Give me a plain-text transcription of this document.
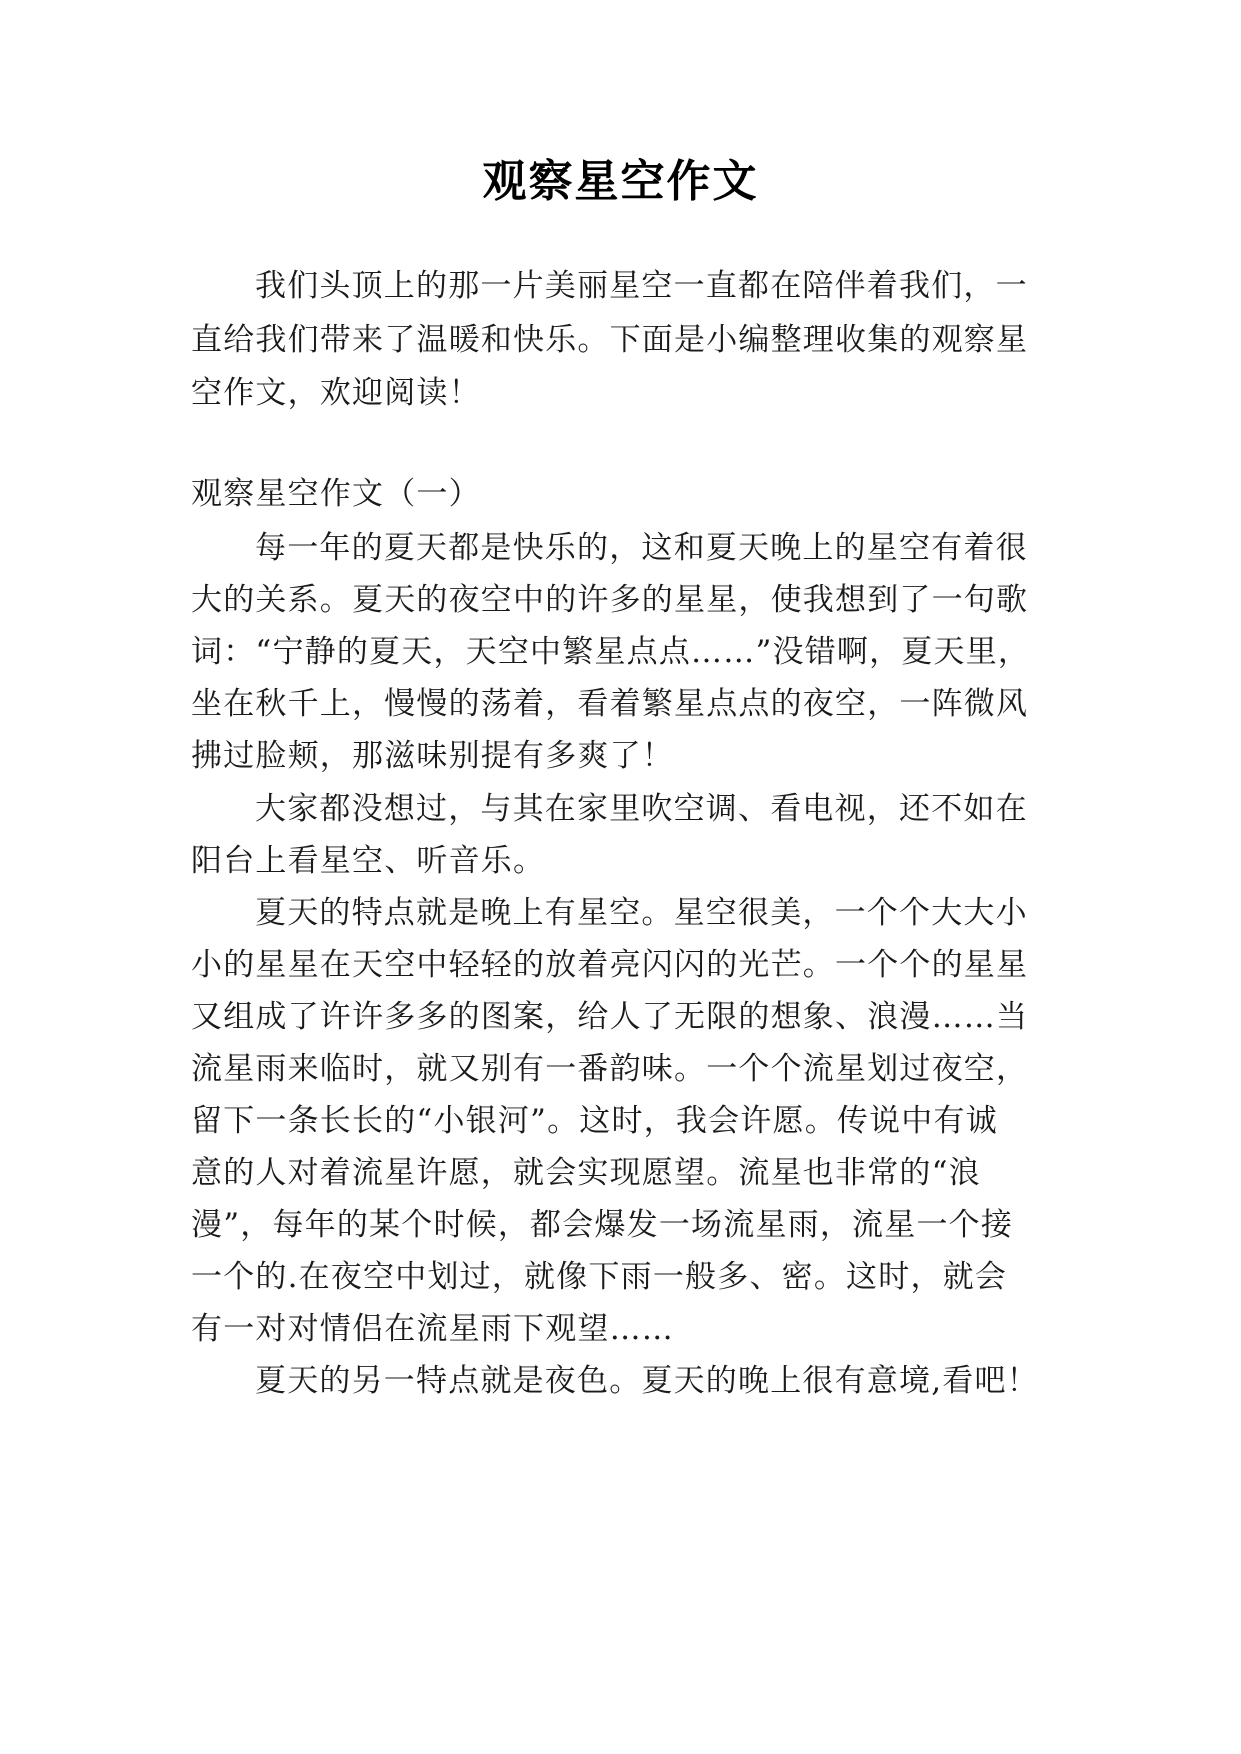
观察星空作文
我们头顶上的那一片美丽星空一直都在陪伴着我们，一
直给我们带来了温暖和快乐。下面是小编整理收集的观察星
空作文，欢迎阅读！
观察星空作文（一）
每一年的夏天都是快乐的，这和夏天晚上的星空有着很
大的关系。夏天的夜空中的许多的星星，使我想到了一句歌
词：“宁静的夏天，天空中繁星点点……”没错啊，夏天里，
坐在秋千上，慢慢的荡着，看着繁星点点的夜空，一阵微风
拂过脸颊，那滋味别提有多爽了！
大家都没想过，与其在家里吹空调、看电视，还不如在
阳台上看星空、听音乐。
夏天的特点就是晚上有星空。星空很美，一个个大大小
小的星星在天空中轻轻的放着亮闪闪的光芒。一个个的星星
又组成了许许多多的图案，给人了无限的想象、浪漫……当
流星雨来临时，就又别有一番韵味。一个个流星划过夜空，
留下一条长长的“小银河”。这时，我会许愿。传说中有诚
意的人对着流星许愿，就会实现愿望。流星也非常的“浪
漫”，每年的某个时候，都会爆发一场流星雨，流星一个接
一个的.在夜空中划过，就像下雨一般多、密。这时，就会
有一对对情侣在流星雨下观望……
夏天的另一特点就是夜色。夏天的晚上很有意境,看吧！
